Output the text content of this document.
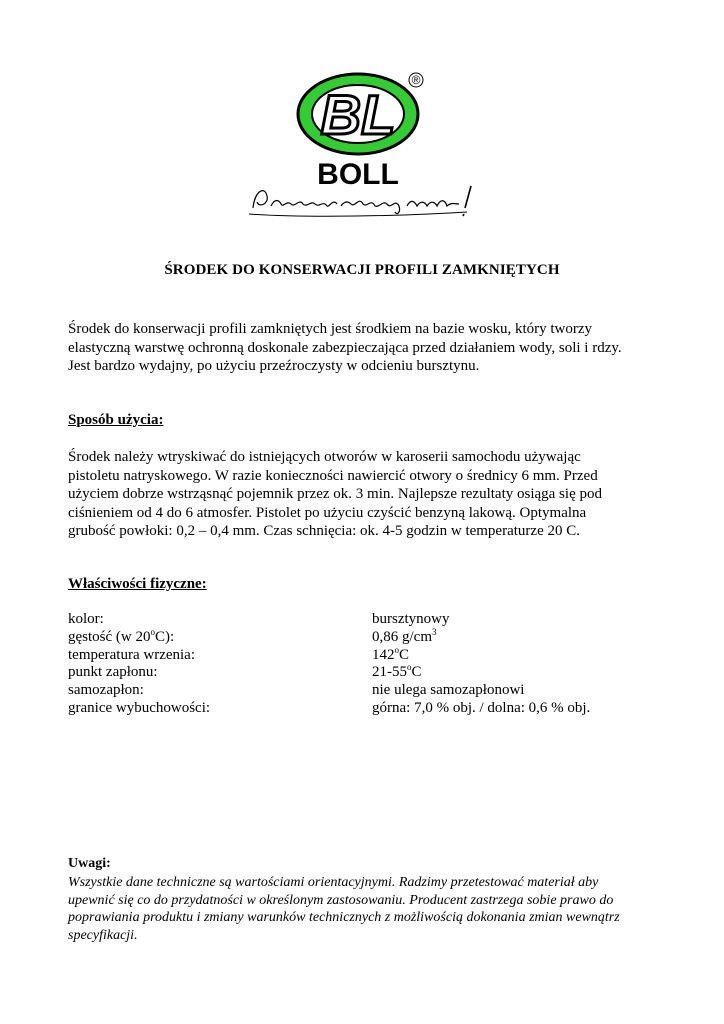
BL
®
BOLL
ŚRODEK DO KONSERWACJI PROFILI ZAMKNIĘTYCH
Środek do konserwacji profili zamkniętych jest środkiem na bazie wosku, który tworzy
elastyczną warstwę ochronną doskonale zabezpieczająca przed działaniem wody, soli i rdzy.
Jest bardzo wydajny, po użyciu przeźroczysty w odcieniu bursztynu.
Sposób użycia:
Środek należy wtryskiwać do istniejących otworów w karoserii samochodu używając
pistoletu natryskowego. W razie konieczności nawiercić otwory o średnicy 6 mm. Przed
użyciem dobrze wstrząsnąć pojemnik przez ok. 3 min. Najlepsze rezultaty osiąga się pod
ciśnieniem od 4 do 6 atmosfer. Pistolet po użyciu czyścić benzyną lakową. Optymalna
grubość powłoki: 0,2 – 0,4 mm. Czas schnięcia: ok. 4-5 godzin w temperaturze 20 C.
Właściwości fizyczne:
kolor:	bursztynowy
gęstość (w 20$^o$C):	0,86 $g/cm^3$
temperatura wrzenia:	142$^o$C
punkt zapłonu:	21-55$^o$C
samozapłon:	nie ulega samozapłonowi
granice wybuchowości:	górna: 7,0 % obj. / dolna: 0,6 % obj.
Uwagi:
Wszystkie dane techniczne są wartościami orientacyjnymi. Radzimy przetestować materiał aby
upewnić się co do przydatności w określonym zastosowaniu. Producent zastrzega sobie prawo do
poprawiania produktu i zmiany warunków technicznych z możliwością dokonania zmian wewnątrz
specyfikacji.
